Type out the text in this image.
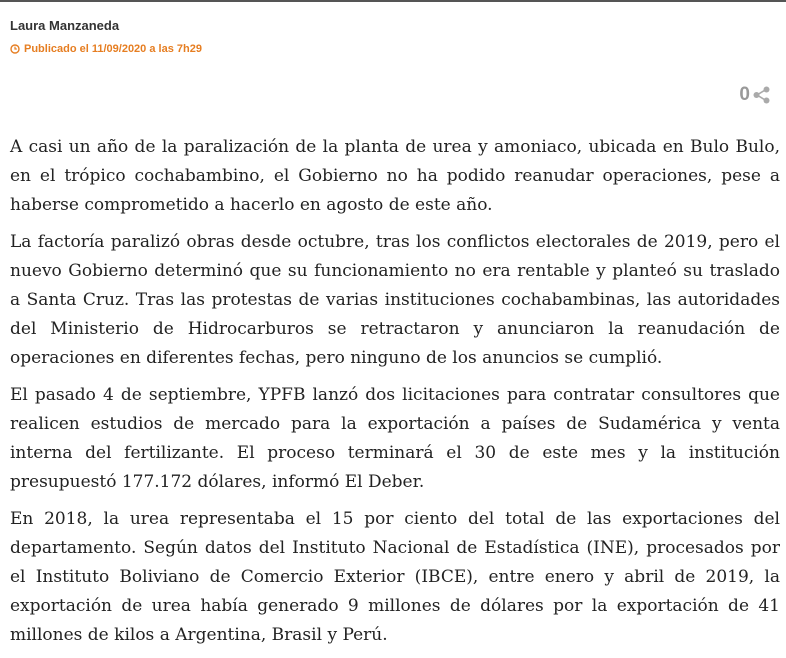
Laura Manzaneda
Publicado el 11/09/2020 a las 7h29
0

A casi un año de la paralización de la planta de urea y amoniaco, ubicada en Bulo Bulo, en el trópico cochabambino, el Gobierno no ha podido reanudar operaciones, pese a haberse comprometido a hacerlo en agosto de este año.

La factoría paralizó obras desde octubre, tras los conflictos electorales de 2019, pero el nuevo Gobierno determinó que su funcionamiento no era rentable y planteó su traslado a Santa Cruz. Tras las protestas de varias instituciones cochabambinas, las autoridades del Ministerio de Hidrocarburos se retractaron y anunciaron la reanudación de operaciones en diferentes fechas, pero ninguno de los anuncios se cumplió.

El pasado 4 de septiembre, YPFB lanzó dos licitaciones para contratar consultores que realicen estudios de mercado para la exportación a países de Sudamérica y venta interna del fertilizante. El proceso terminará el 30 de este mes y la institución presupuestó 177.172 dólares, informó El Deber.

En 2018, la urea representaba el 15 por ciento del total de las exportaciones del departamento. Según datos del Instituto Nacional de Estadística (INE), procesados por el Instituto Boliviano de Comercio Exterior (IBCE), entre enero y abril de 2019, la exportación de urea había generado 9 millones de dólares por la exportación de 41 millones de kilos a Argentina, Brasil y Perú.
